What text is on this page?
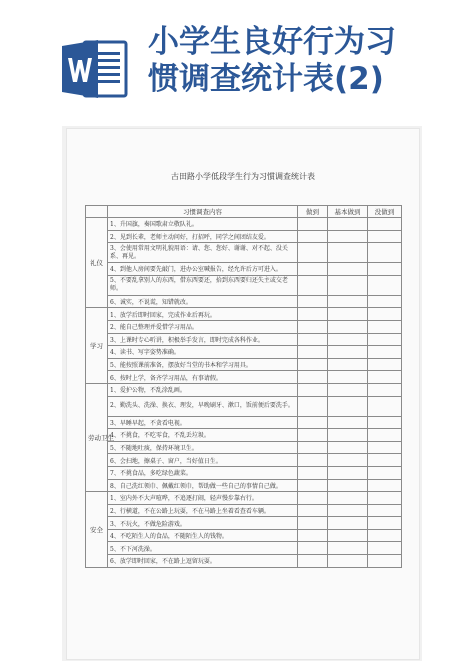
小学生良好行为习
惯调查统计表(2)
古田路小学低段学生行为习惯调查统计表
	习惯调查内容	做到	基本做到	没做到
礼仪	1、升国旗，奏国歌肃立敬队礼。			
	2、见到长辈，老师主动问好，打招呼，同学之间团结友爱。			
	3、会使用常用文明礼貌用语：请、您、您好、谢谢、对不起、没关系、再见。			
	4、到他人房间要先敲门，进办公室喊报告，经允许后方可进入。			
	5、不要乱拿别人的东西，借东西要还，拾到东西要归还失主或交老师。			
	6、诚实，不说谎，知错就改。			
学习	1、放学后即时回家，完成作业后再玩。			
	2、能自己整理并爱惜学习用品。			
	3、上课时专心听讲，积极举手发言，即时完成各科作业。			
	4、读书、写字姿势准确。			
	5、能按照课前准备，摆放好当堂的书本和学习用具。			
	6、按时上学，备齐学习用品，有事请假。			
劳动卫生	1、爱护公物，不乱涂乱画。			
	2、勤洗头、洗澡、换衣、理发，早晚刷牙、漱口，饭前便后要洗手。			
	3、早睡早起，不贪看电视。			
	4、不挑食，不吃零食，不乱丢垃圾。			
	5、不随地吐痰，保持环境卫生。			
	6、会扫地，擦桌子、窗户，当好值日生。			
	7、不挑食品，多吃绿色蔬菜。			
	8、自己洗红领巾、佩戴红领巾，帮助做一些自己的事情自己做。			
安全	1、室内外不大声喧哗，不追逐打闹，轻声慢步靠右行。			
	2、行横道，不在公路上玩耍，不在马路上坐着看查看车辆。			
	3、不玩火，不做危险游戏。			
	4、不吃陌生人的食品，不随陌生人的钱物。			
	5、不下河洗澡。			
	6、放学即时回家，不在路上逗留玩耍。			
